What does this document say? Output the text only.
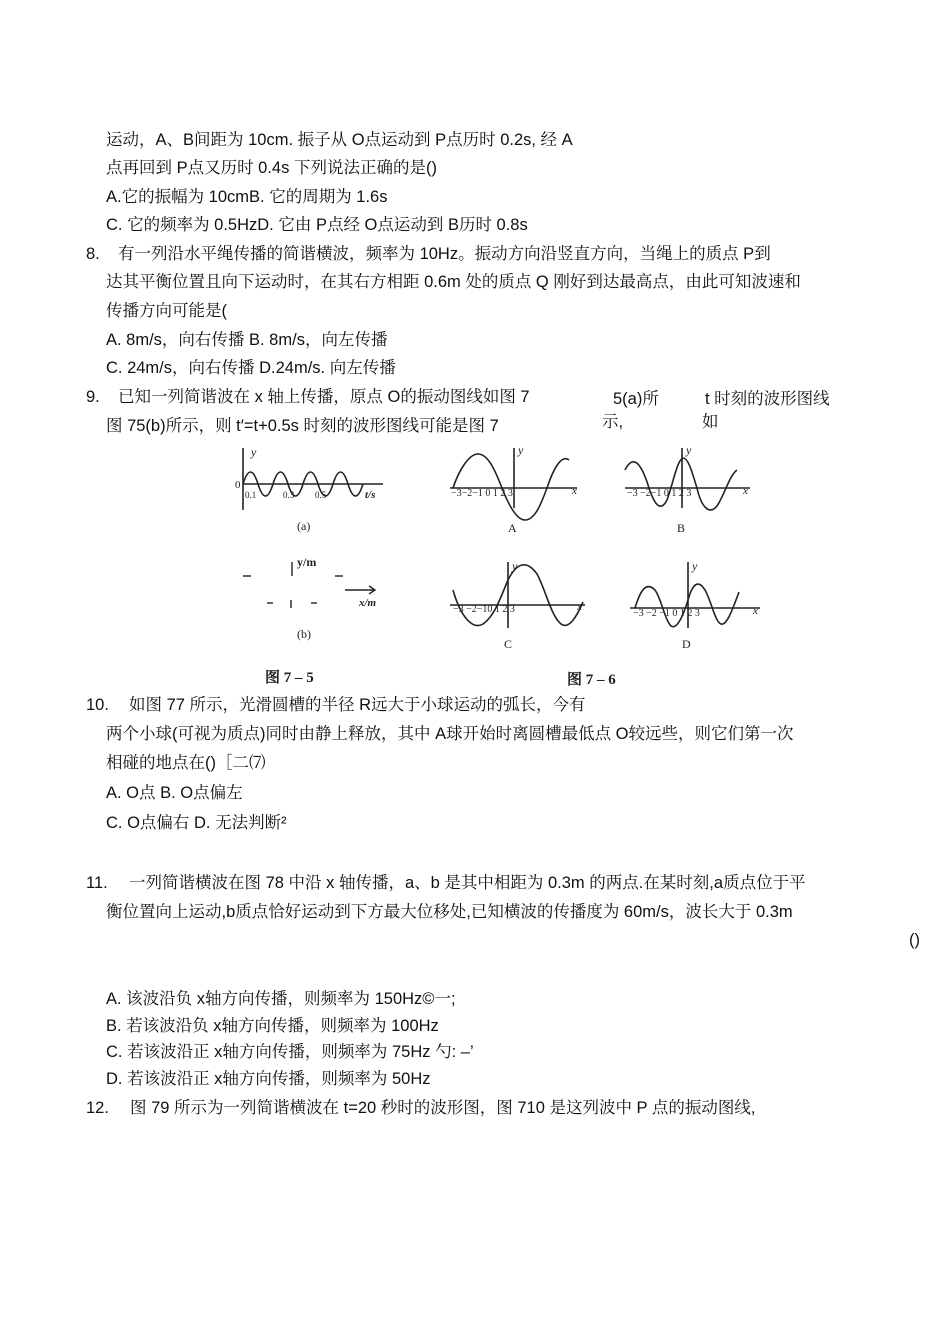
运动，A、B间距为 10cm. 振子从 O点运动到 P点历时 0.2s, 经 A
点再回到 P点又历时 0.4s 下列说法正确的是()
A.它的振幅为 10cmB. 它的周期为 1.6s
C. 它的频率为 0.5HzD. 它由 P点经 O点运动到 B历时 0.8s
8. 有一列沿水平绳传播的简谐横波，频率为 10Hz。振动方向沿竖直方向，当绳上的质点 P到
达其平衡位置且向下运动时，在其右方相距 0.6m 处的质点 Q 刚好到达最高点，由此可知波速和
传播方向可能是(
A. 8m/s，向右传播 B. 8m/s，向左传播
C. 24m/s，向右传播 D.24m/s. 向左传播
9. 已知一列简谐波在 x 轴上传播，原点 O的振动图线如图 7	5(a)所	t 时刻的波形图线
图 75(b)所示，则 t′=t+0.5s 时刻的波形图线可能是图 7	示,	如
y
0
0.1	0.3 0.5	t/s
(a)
y
−3−2−1 0 1 2 3	x
A
y
−3 −2−1 0 1 2 3	x
B
y/m
x/m
(b)
y
−3 −2−10 1 2 3	x
C
y
−3 −2 −1 0 1 2 3	x
D
图 7 – 5	图 7 – 6
10. 如图 77 所示，光滑圆槽的半径 R远大于小球运动的弧长，今有
两个小球(可视为质点)同时由静上释放，其中 A球开始时离圆槽最低点 O较远些，则它们第一次
相碰的地点在()［二⑺
A. O点 B. O点偏左
C. O点偏右 D. 无法判断²
11. 一列简谐横波在图 78 中沿 x 轴传播，a、b 是其中相距为 0.3m 的两点.在某时刻,a质点位于平
衡位置向上运动,b质点恰好运动到下方最大位移处,已知横波的传播度为 60m/s，波长大于 0.3m
()
A. 该波沿负 x轴方向传播，则频率为 150Hz©一;
B. 若该波沿负 x轴方向传播，则频率为 100Hz
C. 若该波沿正 x轴方向传播，则频率为 75Hz 勺: –’
D. 若该波沿正 x轴方向传播，则频率为 50Hz
12. 图 79 所示为一列简谐横波在 t=20 秒时的波形图，图 710 是这列波中 P 点的振动图线,
